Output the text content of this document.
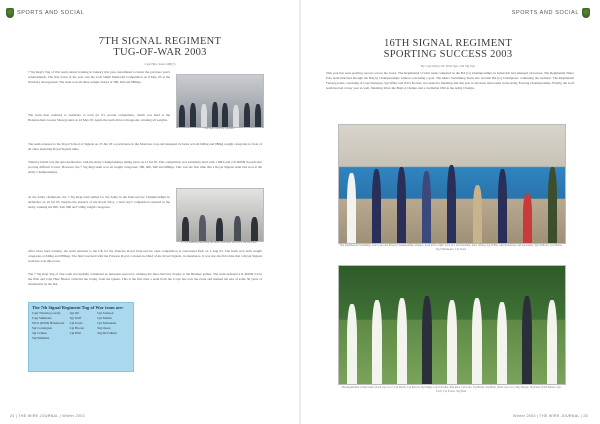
SPORTS AND SOCIAL
7TH SIGNAL REGIMENT
TUG-OF-WAR 2003
Capt Huw Jones QM(T)

7 Sig Regt's Tug of War team started training in January this year, determined to better the previous year's achievements. The first event of the year was the Jock Smith Memorial Competition on 8 May 03 at the Newbury showground. The team won all three weight classes at 580, 620 and 680kgs.

The team then returned to Germany to train for it's second competition, which was held at the Hohenzollern Greens Showground on 24 May 03. Again the team did not disappoint, winning all weights.

The team with the trophies

The team returned to the Royal School of Signals on 23 Jun 03 to participate in the Morrison Cup and managed victories at both 640kg and 680kg weight categories in front of all other attending Royal Signals units.

Thurnby Island was the next destination, with the Army Championships taking place on 12 Jul 03. This competition was extremely hard with 1 RHA and 2 R IRISH in particular proving difficult to beat. However, the 7 Sig Regt team won all weight categories; 580, 600, 640 and 680kgs. This was the first time that a Royal Signals team had won at the Army Championships.

At the Army champions, the 7 Sig Regt team pulled for the Army in the Inter-service Championships in Aldershot on 16 Jul 03. Despite the absence of the Royal Navy, a hard day's competition resulted in the Army winning the 600, 640, 680 and 720kg weight categories.

Lt Col Ashton presenting the team with their award for the Division

After more hard training, the team returned to the UK for the Princess Royal Inter-service open competition at Gravesend Park on 2 Aug 03. The team won both weight categories at 640kg and 680kgs. The final was held with the Princess Royal, Colonel-in-Chief of the Royal Signals, in attendance. It was also the first time that a Royal Signals team has won this event.

The 7 Sig Regt Tug of War team successfully completed an unbeaten season by winning the Inter-Services Trophy at the Brunner games. The team defeated 2 R IRISH 2-0 in the final and Capt Huw Hinton collected the trophy from the Queen. This is the first time a team from the Corps has won the event and marked the end of some 50 years of domination by the RA.

The 7th Signal Regiment Tug of War team are:
Capt Thomas (coach)	Sgt Orr	Cpl Jackson
Capt Simmons	Sgt Wolf	Cpl Martin
WO1 (RSM) Henderson	Cpl Poole	Cpl Mclennan
Sgt Cossington	Cpl Brown	Sig Owen
Sgt Grimes	Cpl Hall	Sig McCallum
Sig Williams
24 | THE WIRE JOURNAL | Winter 2003
SPORTS AND SOCIAL
16TH SIGNAL REGIMENT
SPORTING SUCCESS 2003
By Capt Kirby OC RSO Sqn, 243 Sig Sqn

This year has seen sporting success across the board. The Regimental Cricket team competed in the BA (G) Championships in Gütersloh and emerged victorious. The Regimental Water Polo team marched through the BA(G) Championships without conceding a goal. The Men's Swimming Team also became BA (G) Champions, continuing the tradition. The Regimental Fencing team, consisting of Capt Dempsey, Sgt White and WO1 Rocker, succeeded in finishing 2nd this year in the three man teams in the Army Fencing Championships. Finally, the Golf team has had a busy year as well, finishing 4th in the BA(G) Champs and a creditable 18th in the Army Champs.

The Regimental swimming, water polo and BA(G) Championship winners, from left to right: back row and kneeling: Alex Jeffery, Sgt White, Maj Robertson, Sgt Alexander, Sgt Sullivan, Cpl Harris, Sig Whitehouse, Cpl Stone
The Regimental cricket team: (back row l to r) Cpl Harris, Cpl Brown, Sgt Singh, Capt Fletcher, Maj Rice, Cpl Cole, Cpl Burns, Sig Hare; (front row l to r) Sig Thorpe, Sig Patel, WO2 Mason, Sgt Croft, Cpl Evans, Sig Hunt
Winter 2003 | THE WIRE JOURNAL | 25
